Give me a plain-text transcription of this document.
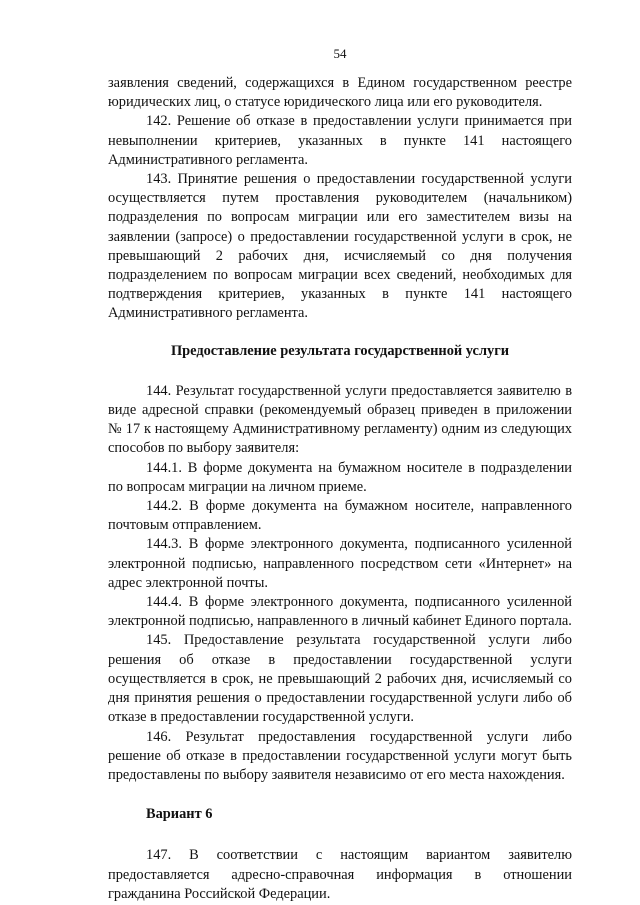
54

заявления сведений, содержащихся в Едином государственном реестре юридических лиц, о статусе юридического лица или его руководителя.

142. Решение об отказе в предоставлении услуги принимается при невыполнении критериев, указанных в пункте 141 настоящего Административного регламента.

143. Принятие решения о предоставлении государственной услуги осуществляется путем проставления руководителем (начальником) подразделения по вопросам миграции или его заместителем визы на заявлении (запросе) о предоставлении государственной услуги в срок, не превышающий 2 рабочих дня, исчисляемый со дня получения подразделением по вопросам миграции всех сведений, необходимых для подтверждения критериев, указанных в пункте 141 настоящего Административного регламента.

Предоставление результата государственной услуги

144. Результат государственной услуги предоставляется заявителю в виде адресной справки (рекомендуемый образец приведен в приложении № 17 к настоящему Административному регламенту) одним из следующих способов по выбору заявителя:

144.1. В форме документа на бумажном носителе в подразделении по вопросам миграции на личном приеме.

144.2. В форме документа на бумажном носителе, направленного почтовым отправлением.

144.3. В форме электронного документа, подписанного усиленной электронной подписью, направленного посредством сети «Интернет» на адрес электронной почты.

144.4. В форме электронного документа, подписанного усиленной электронной подписью, направленного в личный кабинет Единого портала.

145. Предоставление результата государственной услуги либо решения об отказе в предоставлении государственной услуги осуществляется в срок, не превышающий 2 рабочих дня, исчисляемый со дня принятия решения о предоставлении государственной услуги либо об отказе в предоставлении государственной услуги.

146. Результат предоставления государственной услуги либо решение об отказе в предоставлении государственной услуги могут быть предоставлены по выбору заявителя независимо от его места нахождения.

Вариант 6

147. В соответствии с настоящим вариантом заявителю предоставляется адресно-справочная информация в отношении гражданина Российской Федерации.
